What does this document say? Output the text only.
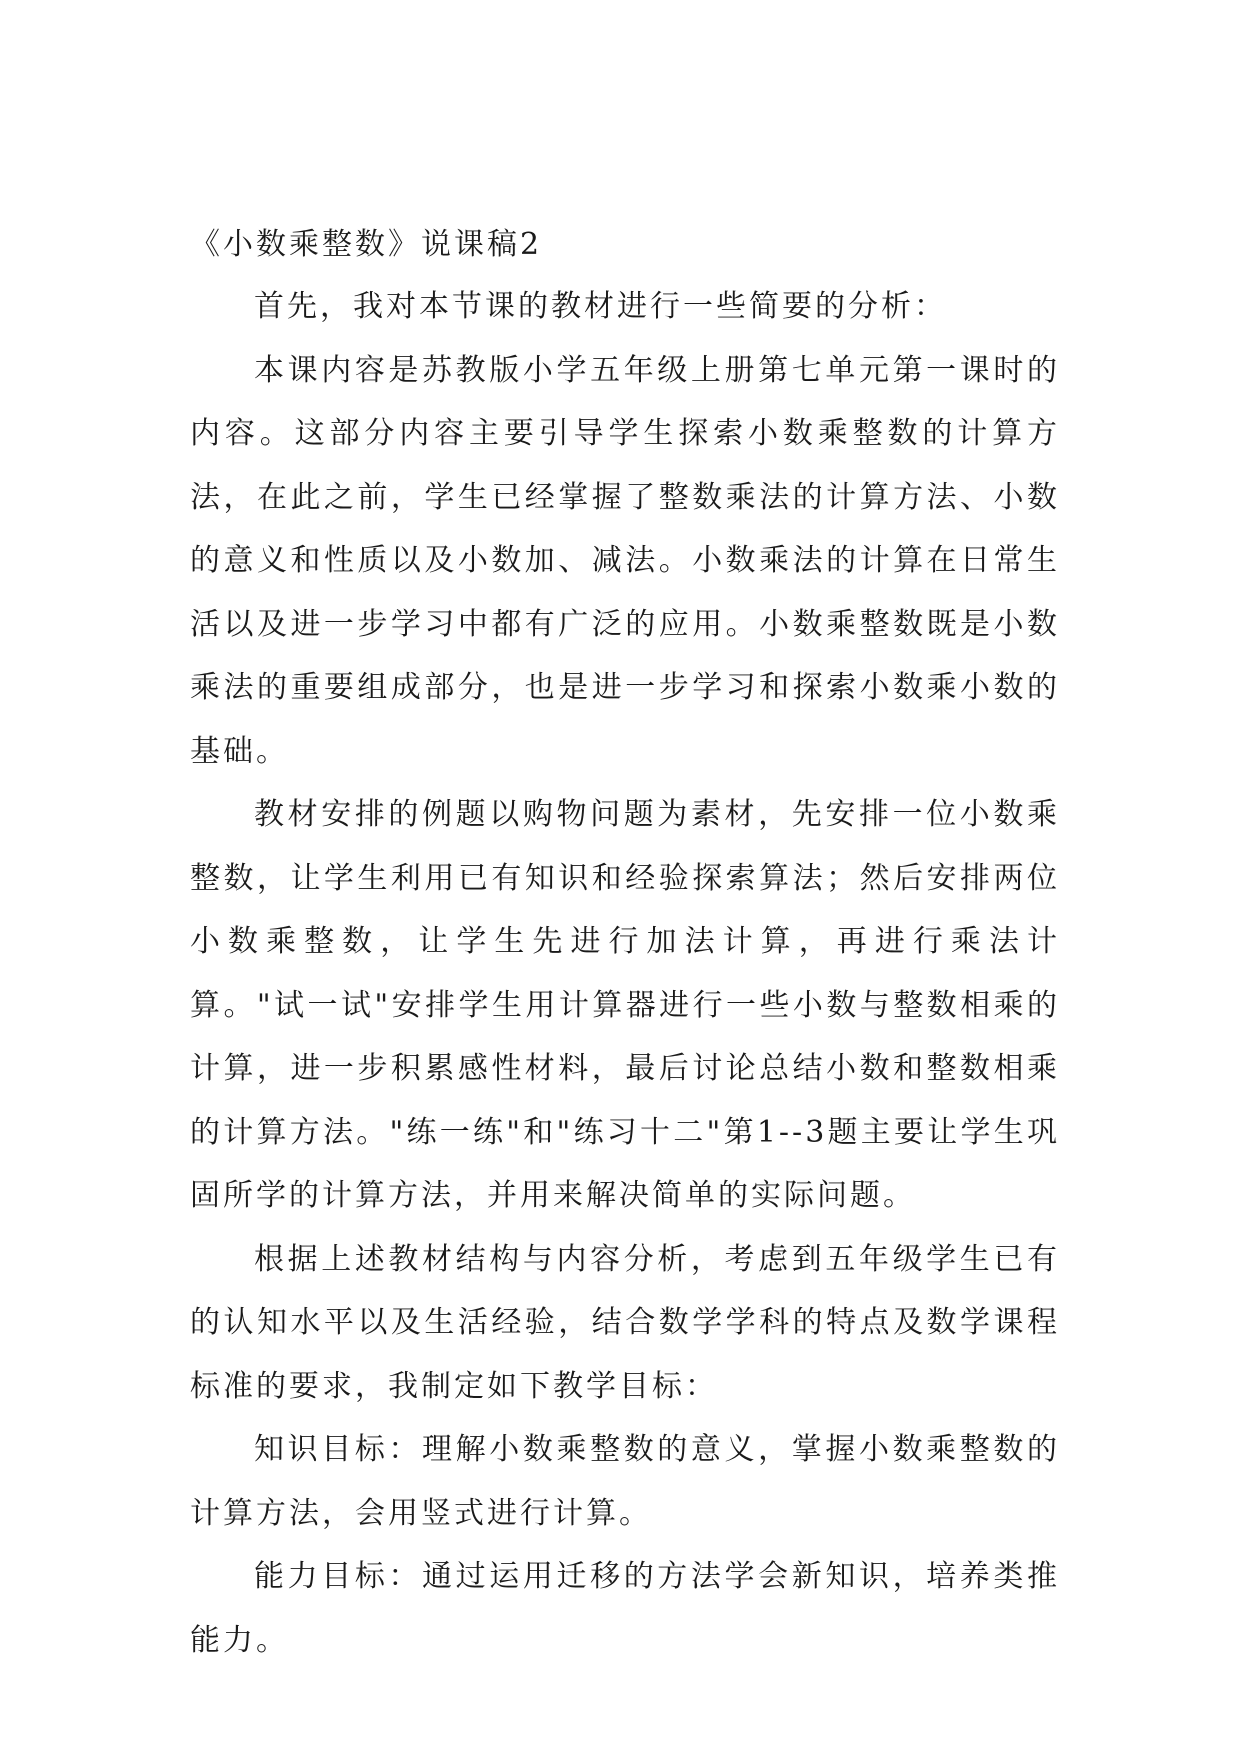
《小数乘整数》说课稿2

首先，我对本节课的教材进行一些简要的分析：

本课内容是苏教版小学五年级上册第七单元第一课时的内容。这部分内容主要引导学生探索小数乘整数的计算方法，在此之前，学生已经掌握了整数乘法的计算方法、小数的意义和性质以及小数加、减法。小数乘法的计算在日常生活以及进一步学习中都有广泛的应用。小数乘整数既是小数乘法的重要组成部分，也是进一步学习和探索小数乘小数的基础。

教材安排的例题以购物问题为素材，先安排一位小数乘整数，让学生利用已有知识和经验探索算法；然后安排两位小数乘整数，让学生先进行加法计算，再进行乘法计算。"试一试"安排学生用计算器进行一些小数与整数相乘的计算，进一步积累感性材料，最后讨论总结小数和整数相乘的计算方法。"练一练"和"练习十二"第1--3题主要让学生巩固所学的计算方法，并用来解决简单的实际问题。

根据上述教材结构与内容分析，考虑到五年级学生已有的认知水平以及生活经验，结合数学学科的特点及数学课程标准的要求，我制定如下教学目标：

知识目标：理解小数乘整数的意义，掌握小数乘整数的计算方法，会用竖式进行计算。

能力目标：通过运用迁移的方法学会新知识，培养类推能力。
